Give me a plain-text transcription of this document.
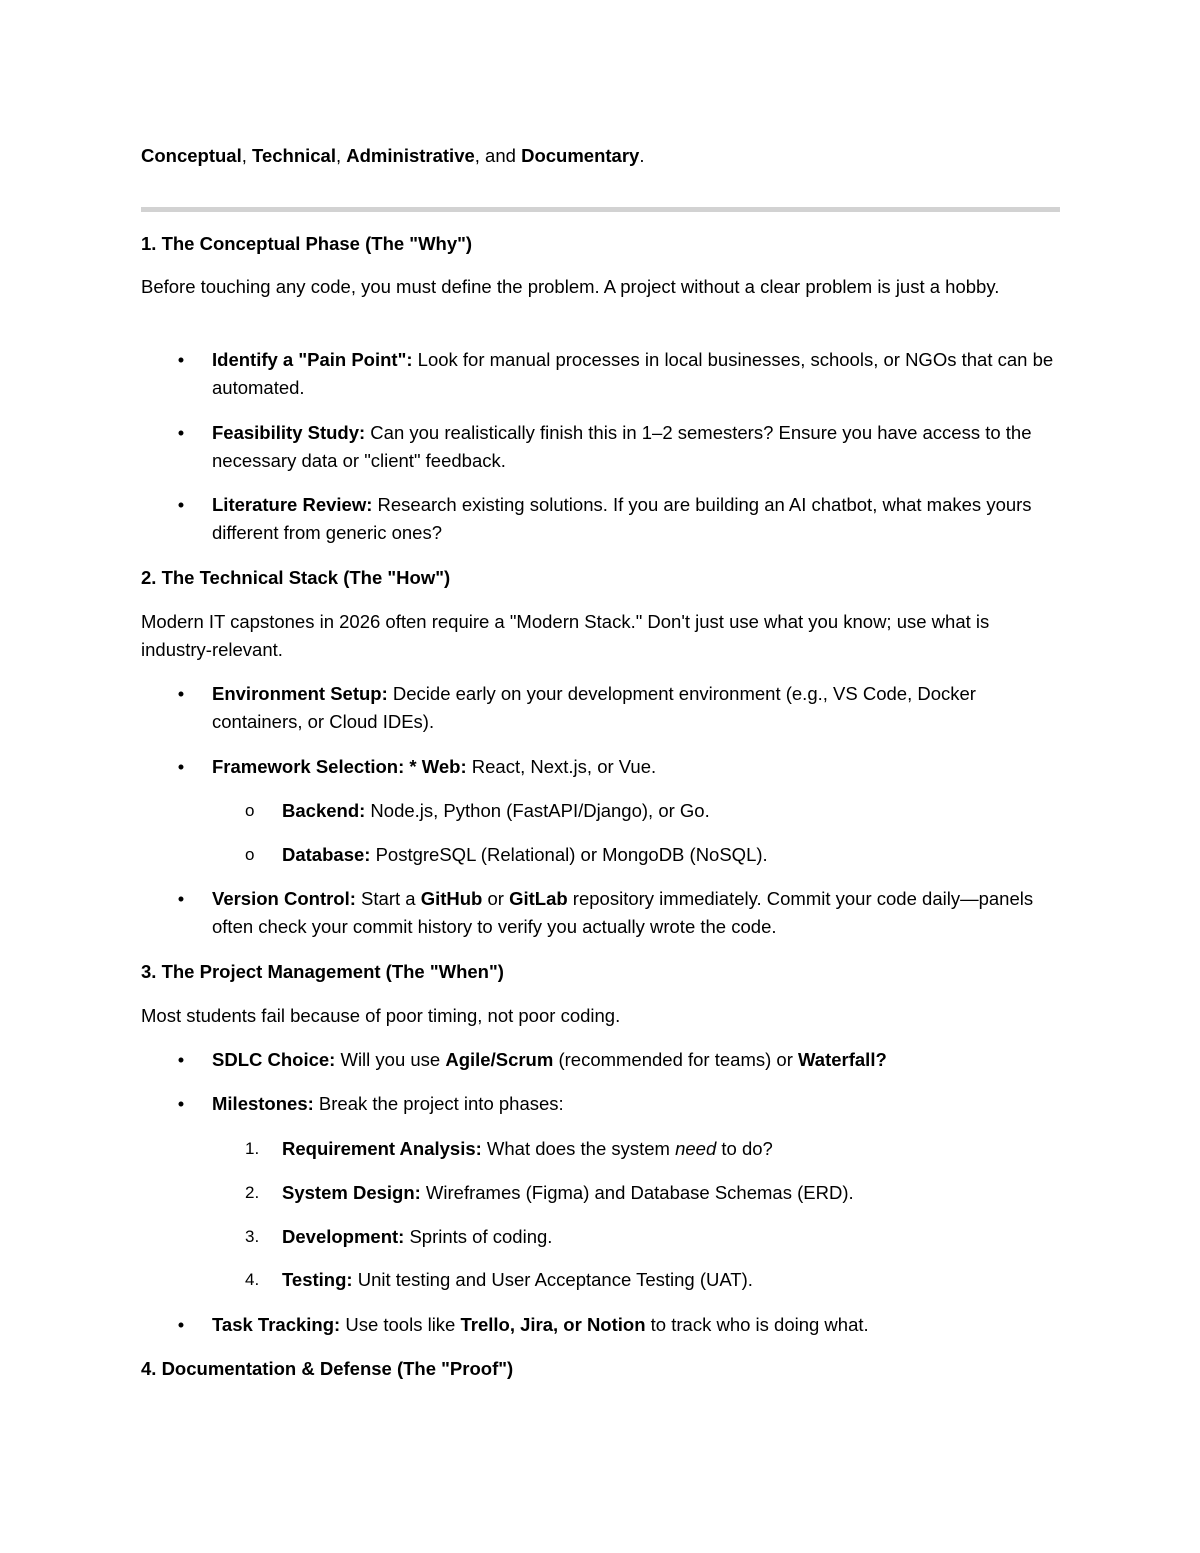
Conceptual, Technical, Administrative, and Documentary.

1. The Conceptual Phase (The "Why")

Before touching any code, you must define the problem. A project without a clear problem is just a hobby.

• Identify a "Pain Point": Look for manual processes in local businesses, schools, or NGOs that can be automated.
• Feasibility Study: Can you realistically finish this in 1–2 semesters? Ensure you have access to the necessary data or "client" feedback.
• Literature Review: Research existing solutions. If you are building an AI chatbot, what makes yours different from generic ones?

2. The Technical Stack (The "How")

Modern IT capstones in 2026 often require a "Modern Stack." Don't just use what you know; use what is industry-relevant.

• Environment Setup: Decide early on your development environment (e.g., VS Code, Docker containers, or Cloud IDEs).
• Framework Selection: * Web: React, Next.js, or Vue.
o Backend: Node.js, Python (FastAPI/Django), or Go.
o Database: PostgreSQL (Relational) or MongoDB (NoSQL).
• Version Control: Start a GitHub or GitLab repository immediately. Commit your code daily—panels often check your commit history to verify you actually wrote the code.

3. The Project Management (The "When")

Most students fail because of poor timing, not poor coding.

• SDLC Choice: Will you use Agile/Scrum (recommended for teams) or Waterfall?
• Milestones: Break the project into phases:
1.	Requirement Analysis: What does the system need to do?
2.	System Design: Wireframes (Figma) and Database Schemas (ERD).
3.	Development: Sprints of coding.
4.	Testing: Unit testing and User Acceptance Testing (UAT).
• Task Tracking: Use tools like Trello, Jira, or Notion to track who is doing what.

4. Documentation & Defense (The "Proof")
